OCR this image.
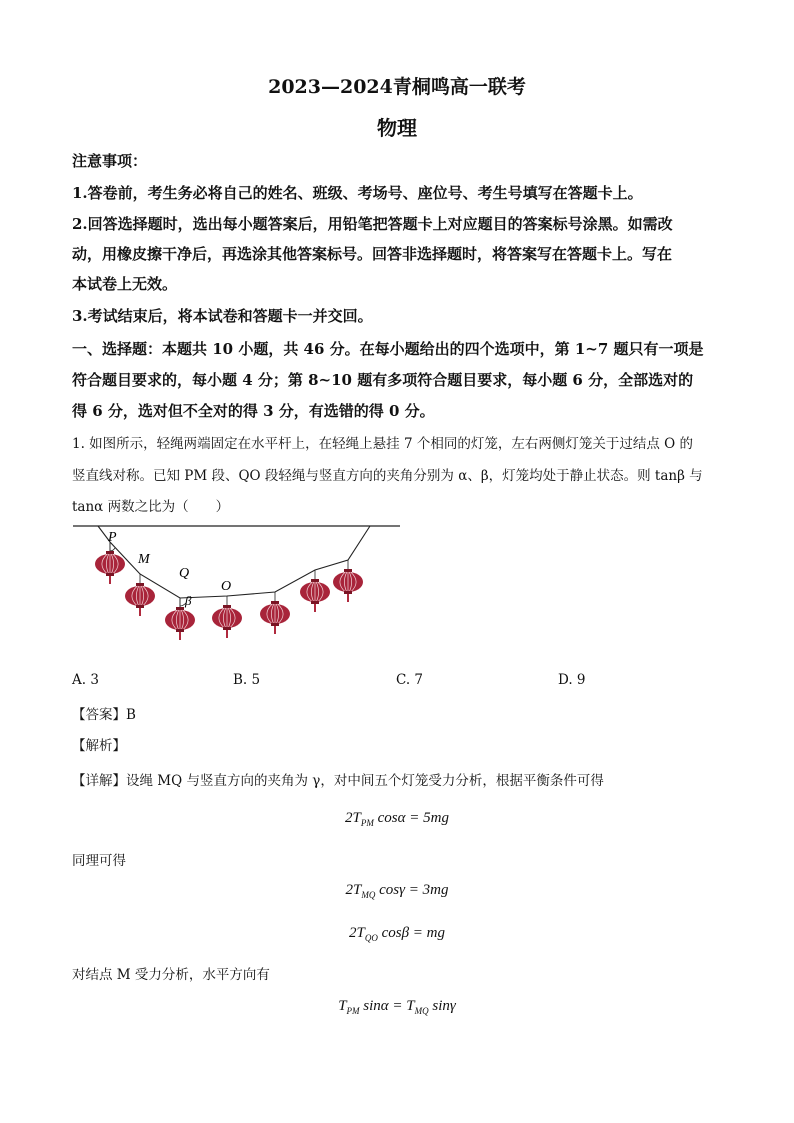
2023—2024青桐鸣高一联考
物理
注意事项：
1.答卷前，考生务必将自己的姓名、班级、考场号、座位号、考生号填写在答题卡上。
2.回答选择题时，选出每小题答案后，用铅笔把答题卡上对应题目的答案标号涂黑。如需改
动，用橡皮擦干净后，再选涂其他答案标号。回答非选择题时，将答案写在答题卡上。写在
本试卷上无效。
3.考试结束后，将本试卷和答题卡一并交回。
一、选择题：本题共 10 小题，共 46 分。在每小题给出的四个选项中，第 1~7 题只有一项是
符合题目要求的，每小题 4 分；第 8~10 题有多项符合题目要求，每小题 6 分，全部选对的
得 6 分，选对但不全对的得 3 分，有选错的得 0 分。
1. 如图所示，轻绳两端固定在水平杆上，在轻绳上悬挂 7 个相同的灯笼，左右两侧灯笼关于过结点 O 的
竖直线对称。已知 PM 段、QO 段轻绳与竖直方向的夹角分别为 α、β，灯笼均处于静止状态。则 tanβ 与
tanα 两数之比为（　　）
P
M
Q
β
O
A. 3	B. 5	C. 7	D. 9
【答案】B
【解析】
【详解】设绳 MQ 与竖直方向的夹角为 γ，对中间五个灯笼受力分析，根据平衡条件可得
$2T_{PM}$ cosα = 5mg
同理可得
$2T_{MQ}$ cosγ = 3mg
$2T_{QO}$ cosβ = mg
对结点 M 受力分析，水平方向有
$T_{PM}$ $\sin\alpha = T_{MQ}$ sinγ
